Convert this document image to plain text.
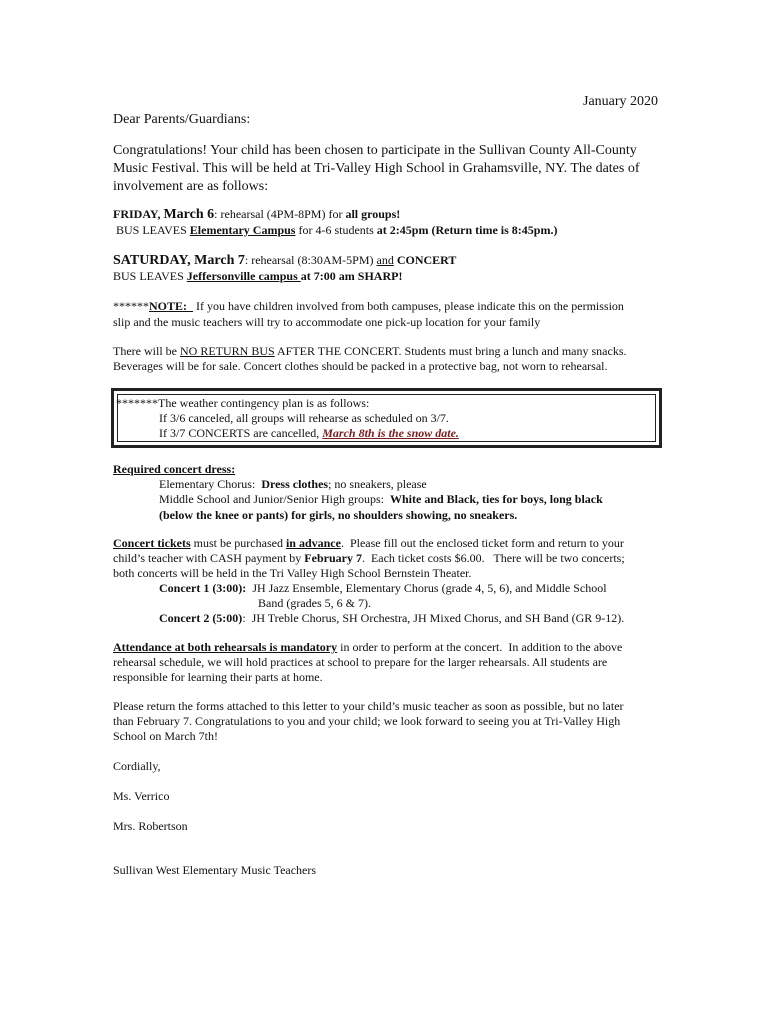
January 2020
Dear Parents/Guardians:
Congratulations! Your child has been chosen to participate in the Sullivan County All-County
Music Festival. This will be held at Tri-Valley High School in Grahamsville, NY. The dates of
involvement are as follows:
FRIDAY, March 6: rehearsal (4PM-8PM) for all groups!
BUS LEAVES Elementary Campus for 4-6 students at 2:45pm (Return time is 8:45pm.)
SATURDAY, March 7: rehearsal (8:30AM-5PM) and CONCERT
BUS LEAVES Jeffersonville campus at 7:00 am SHARP!
******NOTE:   If you have children involved from both campuses, please indicate this on the permission
slip and the music teachers will try to accommodate one pick-up location for your family
There will be NO RETURN BUS AFTER THE CONCERT. Students must bring a lunch and many snacks.
Beverages will be for sale. Concert clothes should be packed in a protective bag, not worn to rehearsal.
*******The weather contingency plan is as follows:
If 3/6 canceled, all groups will rehearse as scheduled on 3/7.
If 3/7 CONCERTS are cancelled, March 8th is the snow date.
Required concert dress:
Elementary Chorus:  Dress clothes; no sneakers, please
Middle School and Junior/Senior High groups:  White and Black, ties for boys, long black
(below the knee or pants) for girls, no shoulders showing, no sneakers.
Concert tickets must be purchased in advance.  Please fill out the enclosed ticket form and return to your
child’s teacher with CASH payment by February 7.  Each ticket costs $6.00.   There will be two concerts;
both concerts will be held in the Tri Valley High School Bernstein Theater.
Concert 1 (3:00):  JH Jazz Ensemble, Elementary Chorus (grade 4, 5, 6), and Middle School
Band (grades 5, 6 & 7).
Concert 2 (5:00):  JH Treble Chorus, SH Orchestra, JH Mixed Chorus, and SH Band (GR 9-12).
Attendance at both rehearsals is mandatory in order to perform at the concert.  In addition to the above
rehearsal schedule, we will hold practices at school to prepare for the larger rehearsals. All students are
responsible for learning their parts at home.
Please return the forms attached to this letter to your child’s music teacher as soon as possible, but no later
than February 7. Congratulations to you and your child; we look forward to seeing you at Tri-Valley High
School on March 7th!
Cordially,
Ms. Verrico
Mrs. Robertson
Sullivan West Elementary Music Teachers
